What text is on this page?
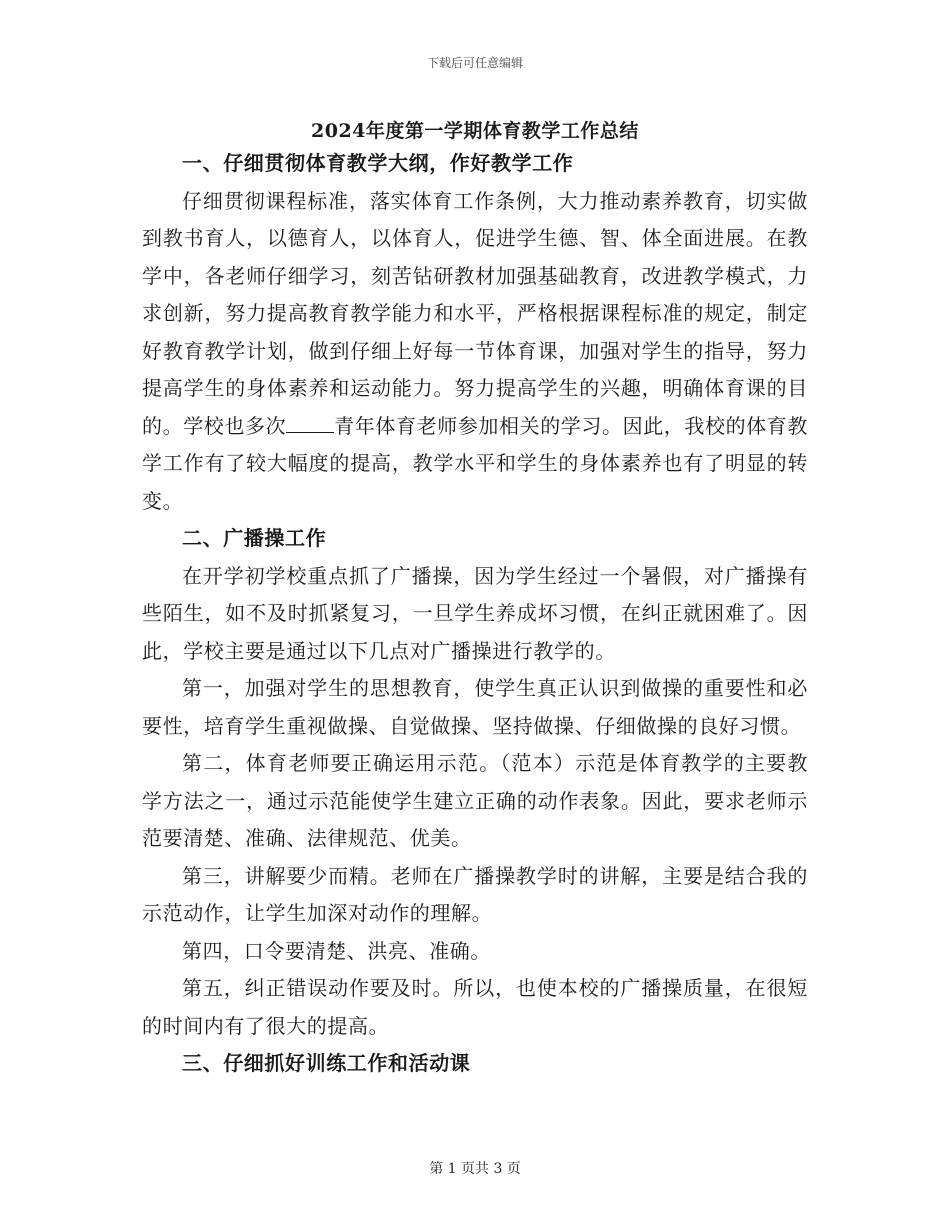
下载后可任意编辑
2024年度第一学期体育教学工作总结
一、仔细贯彻体育教学大纲，作好教学工作

仔细贯彻课程标准，落实体育工作条例，大力推动素养教育，切实做到教书育人，以德育人，以体育人，促进学生德、智、体全面进展。在教学中，各老师仔细学习，刻苦钻研教材加强基础教育，改进教学模式，力求创新，努力提高教育教学能力和水平，严格根据课程标准的规定，制定好教育教学计划，做到仔细上好每一节体育课，加强对学生的指导，努力提高学生的身体素养和运动能力。努力提高学生的兴趣，明确体育课的目的。学校也多次 青年体育老师参加相关的学习。因此，我校的体育教学工作有了较大幅度的提高，教学水平和学生的身体素养也有了明显的转变。

二、广播操工作

在开学初学校重点抓了广播操，因为学生经过一个暑假，对广播操有些陌生，如不及时抓紧复习，一旦学生养成坏习惯，在纠正就困难了。因此，学校主要是通过以下几点对广播操进行教学的。

第一，加强对学生的思想教育，使学生真正认识到做操的重要性和必要性，培育学生重视做操、自觉做操、坚持做操、仔细做操的良好习惯。

第二，体育老师要正确运用示范。（范本）示范是体育教学的主要教学方法之一，通过示范能使学生建立正确的动作表象。因此，要求老师示范要清楚、准确、法律规范、优美。

第三，讲解要少而精。老师在广播操教学时的讲解，主要是结合我的示范动作，让学生加深对动作的理解。

第四，口令要清楚、洪亮、准确。

第五，纠正错误动作要及时。所以，也使本校的广播操质量，在很短的时间内有了很大的提高。

三、仔细抓好训练工作和活动课
第 1 页共 3 页
